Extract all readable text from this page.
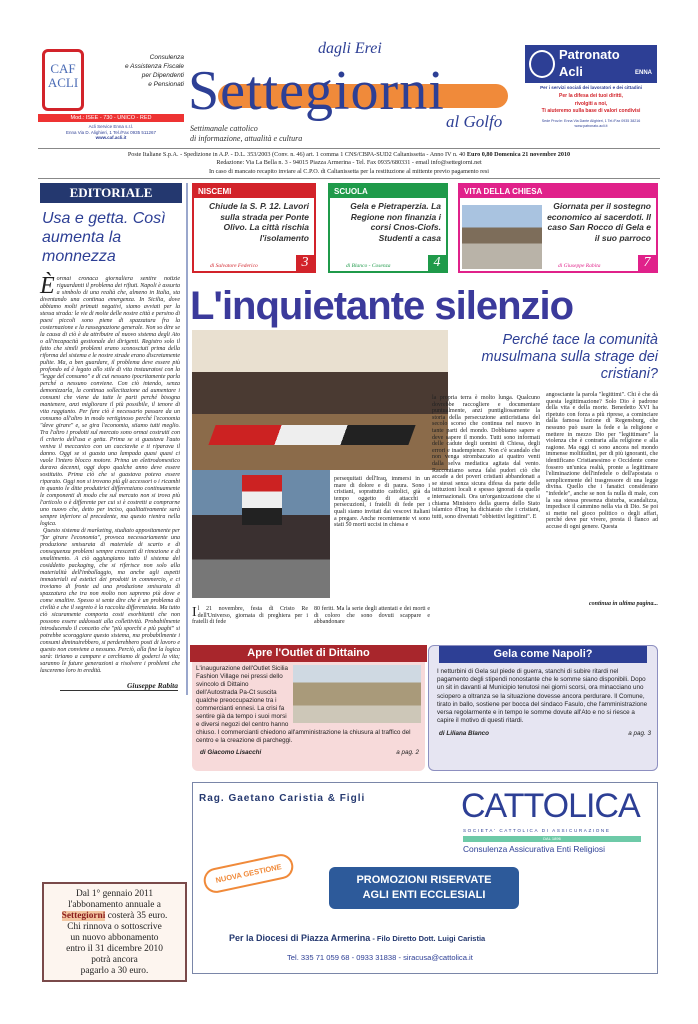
CAF
ACLI
Consulenza
e Assistenza Fiscale
per Dipendenti
e Pensionati
Mod.: ISEE - 730 - UNICO - RED
Acli Service Enna s.r.l.
Enna Via D. Alighieri, 1 Tel./Fax 0935 511267
www.caf.acli.it
dagli Erei
Settegiorni al Golfo
Settimanale cattolico
di informazione, attualità e cultura
Patronato
Acli	ENNA
Per i servizi sociali dei lavoratori e dei cittadini
Per la difesa dei tuoi diritti,
rivolgiti a noi,
Ti aiuteremo sulla base di valori condivisi
Sede Prov.le: Enna Via Dante Alighieri, 1 Tel./Fax 0935 38216
www.patronato.acli.it
Poste Italiane S.p.A. - Spedizione in A.P. - D.L. 353/2003 (Conv. n. 46) art. 1 comma 1 CNS/CBPA-SUD2 Caltanissetta - Anno IV n. 40 Euro 0,80 Domenica 21 novembre 2010
Redazione: Via La Bella n. 3 - 94015 Piazza Armerina - Tel. Fax 0935/680331 - email info@settegiorni.net
In caso di mancato recapito inviare al C.P.O. di Caltanissetta per la restituzione al mittente previo pagamento resi
EDITORIALE
Usa e getta. Così aumenta la monnezza
È ormai cronaca giornaliera sentire notizie riguardanti il problema dei rifiuti. Napoli è assurta a simbolo di una realtà che, almeno in Italia, sta diventando una continua emergenza. In Sicilia, dove abbiamo molti primati negativi, siamo avviati per la stessa strada: le vie di molte delle nostre città e persino di paesi piccoli sono piene di spazzatura fra la costernazione e la rassegnazione generale. Non so dire se la causa di ciò è da attribuire al nuovo sistema degli Ato o all'incapacità gestionale dei dirigenti. Registro solo il fatto che simili problemi erano sconosciuti prima della riforma del sistema e le nostre strade erano discretamente pulite. Ma, a ben guardare, il problema deve essere più profondo ed è legato allo stile di vita instauratosi con la "legge del consumo" e di cui nessuno ipocritamente parla perché a nessuno conviene. Con ciò intendo, senza demonizzarla, la continua sollecitazione ad aumentare i consumi che viene da tutte le parti perché bisogna mantenere, anzi migliorare il più possibile, il tenore di vita raggiunto. Per fare ciò è necessario passare da un consumo all'altro in modo vertiginoso perché l'economia "deve girare" e, se gira l'economia, stiamo tutti meglio. Tra l'altro i prodotti sul mercato sono ormai costruiti con il criterio dell'usa e getta. Prima se si guastava l'auto veniva il meccanico con un cacciavite e ti riparava il danno. Oggi se si guasta una lampada quasi quasi ci vuole l'intero blocco motore. Prima un elettrodomestico durava decenni, oggi dopo qualche anno deve essere sostituito. Prima ciò che si guastava poteva essere riparato. Oggi non si trovano più gli accessori o i ricambi in quanto le ditte produttrici differenziano continuamente le componenti di modo che sul mercato non si trova più l'articolo o è differente per cui si è costretti a comprarne uno nuovo che, detto per inciso, qualitativamente sarà sempre inferiore al precedente, ma questo rientra nella logica.
Questo sistema di marketing, studiato appositamente per "far girare l'economia", provoca necessariamente una produzione smisurata di materiale di scarto e di conseguenza problemi sempre crescenti di rimozione e di smaltimento. A ciò aggiungiamo tutto il sistema del cosiddetto packaging, che si riferisce non solo alla materialità dell'imballaggio, ma anche agli aspetti immateriali ed estetici dei prodotti in commercio, e ci troviamo di fronte ad una produzione smisurata di spazzatura che tra non molto non sapremo più dove e come smaltire. Spesso si sente dire che è un problema di civiltà e che il segreto è la raccolta differenziata. Ma tutto ciò sicuramente comporta costi esorbitanti che non possono essere addossati alla collettività. Probabilmente introducendo il concetto che "più sporchi e più paghi" si potrebbe scoraggiare questo sistema, ma probabilmente i consumi diminuirebbero, si perderebbero posti di lavoro e questo non conviene a nessuno. Perciò, alla fine la logica sarà: tiriamo a campare e cerchiamo di goderci la vita; saranno le future generazioni a risolvere i problemi che lasceremo loro in eredità.
Giuseppe Rabita
Dal 1° gennaio 2011
l'abbonamento annuale a
Settegiorni costerà 35 euro.
Chi rinnova o sottoscrive
un nuovo abbonamento
entro il 31 dicembre 2010
potrà ancora
pagarlo a 30 euro.
NISCEMI
Chiude la S. P. 12. Lavori sulla strada per Ponte Olivo. La città rischia l'isolamento
di Salvatore Federico	3
SCUOLA
Gela e Pietraperzia. La Regione non finanzia i corsi Cnos-Ciofs. Studenti a casa
di Blanco - Cosenza	4
VITA DELLA CHIESA
Giornata per il sostegno economico ai sacerdoti. Il caso San Rocco di Gela e il suo parroco
di Giuseppe Rabita	7
L'inquietante silenzio
Perché tace la comunità musulmana sulla strage dei cristiani?
persequitati dell'Iraq, immersi in un mare di dolore e di paura. Sono i cristiani, soprattutto cattolici, già da tempo oggetto di attacchi e persecuzioni, i fratelli di fede per i quali siamo invitati dai vescovi italiani a pregare. Anche recentemente vi sono stati 50 morti uccisi in chiesa e
Il 21 novembre, festa di Cristo Re dell'Universo, giornata di preghiera per i fratelli di fede
80 feriti. Ma la serie degli attentati e dei morti e di coloro che sono dovuti scappare e abbandonare
la propria terra è molto lunga. Qualcuno dovrebbe raccogliere e documentare puntualmente, anzi puntigliosamente la storia della persecuzione anticristiana del secolo scorso che continua nel nuovo in tante parti del mondo. Dobbiamo sapere e deve sapere il mondo. Tutti sono informati delle cadute degli uomini di Chiesa, degli errori e inadempienze. Non c'è scandalo che non venga strombazzato ai quattro venti dalla selva mediatica agitata dal vento. Raccontiamo senza falsi pudori ciò che accade a dei poveri cristiani abbandonati a se stessi senza sicura difesa da parte delle istituzioni locali e spesso ignorati da quelle internazionali. Ora un'organizzazione che si chiama Ministero della guerra dello Stato islamico d'Iraq ha dichiarato che i cristiani, tutti, sono diventati "obbiettivi legittimi". E
angosciante la parola "legittimi". Chi è che dà questa legittimazione? Solo Dio è padrone della vita e della morte. Benedetto XVI ha ripetuto con forza a più riprese, a cominciare dalla famosa lezione di Regensburg, che nessuno può usare la fede e la religione e mettere in mezzo Dio per "legittimare" la violenza che è contraria alla religione e alla ragione. Ma oggi ci sono ancora nel mondo immense moltitudini, per di più ignoranti, che identificano Cristianesimo e Occidente come fossero un'unica realtà, pronte a legittimare l'eliminazione dell'infedele o dell'apostata o semplicemente del trasgressore di una legge divina. Quello che i fanatici considerano "infedele", anche se non fa nulla di male, con la sua stessa presenza disturba, scandalizza, impedisce il cammino nella via di Dio. Se poi si mette nel gioco politico o degli affari, perché deve pur vivere, presta il fianco ad accuse di ogni genere. Questa
continua in ultima pagina...
Apre l'Outlet di Dittaino
L'inaugurazione dell'Outlet Sicilia Fashion Village nei pressi dello svincolo di Dittaino dell'Autostrada Pa-Ct suscita qualche preoccupazione tra i commercianti ennesi. La crisi fa sentire già da tempo i suoi morsi e diversi negozi del centro hanno chiuso. I commercianti chiedono all'amministrazione la chiusura al traffico del centro e la creazione di parcheggi.
di Giacomo Lisacchi	a pag. 2
Gela come Napoli?
I netturbini di Gela sul piede di guerra, stanchi di subire ritardi nel pagamento degli stipendi nonostante che le somme siano disponibili. Dopo un sit in davanti al Municipio tenutosi nei giorni scorsi, ora minacciano uno sciopero a oltranza se la situazione dovesse ancora perdurare. Il Comune, tirato in ballo, sostiene per bocca del sindaco Fasulo, che l'amministrazione versa regolarmente e in tempo le somme dovute all'Ato e no si riesce a capire il motivo di questi ritardi.
di Liliana Blanco	a pag. 3
Rag. Gaetano Caristia & Figli	CATTOLICA
SOCIETA' CATTOLICA DI ASSICURAZIONE
DAL 1896
Consulenza Assicurativa Enti Religiosi
NUOVA GESTIONE	PROMOZIONI RISERVATE
AGLI ENTI ECCLESIALI
Per la Diocesi di Piazza Armerina - Filo Diretto Dott. Luigi Caristia
Tel. 335 71 059 68 - 0933 31838 - siracusa@cattolica.it
